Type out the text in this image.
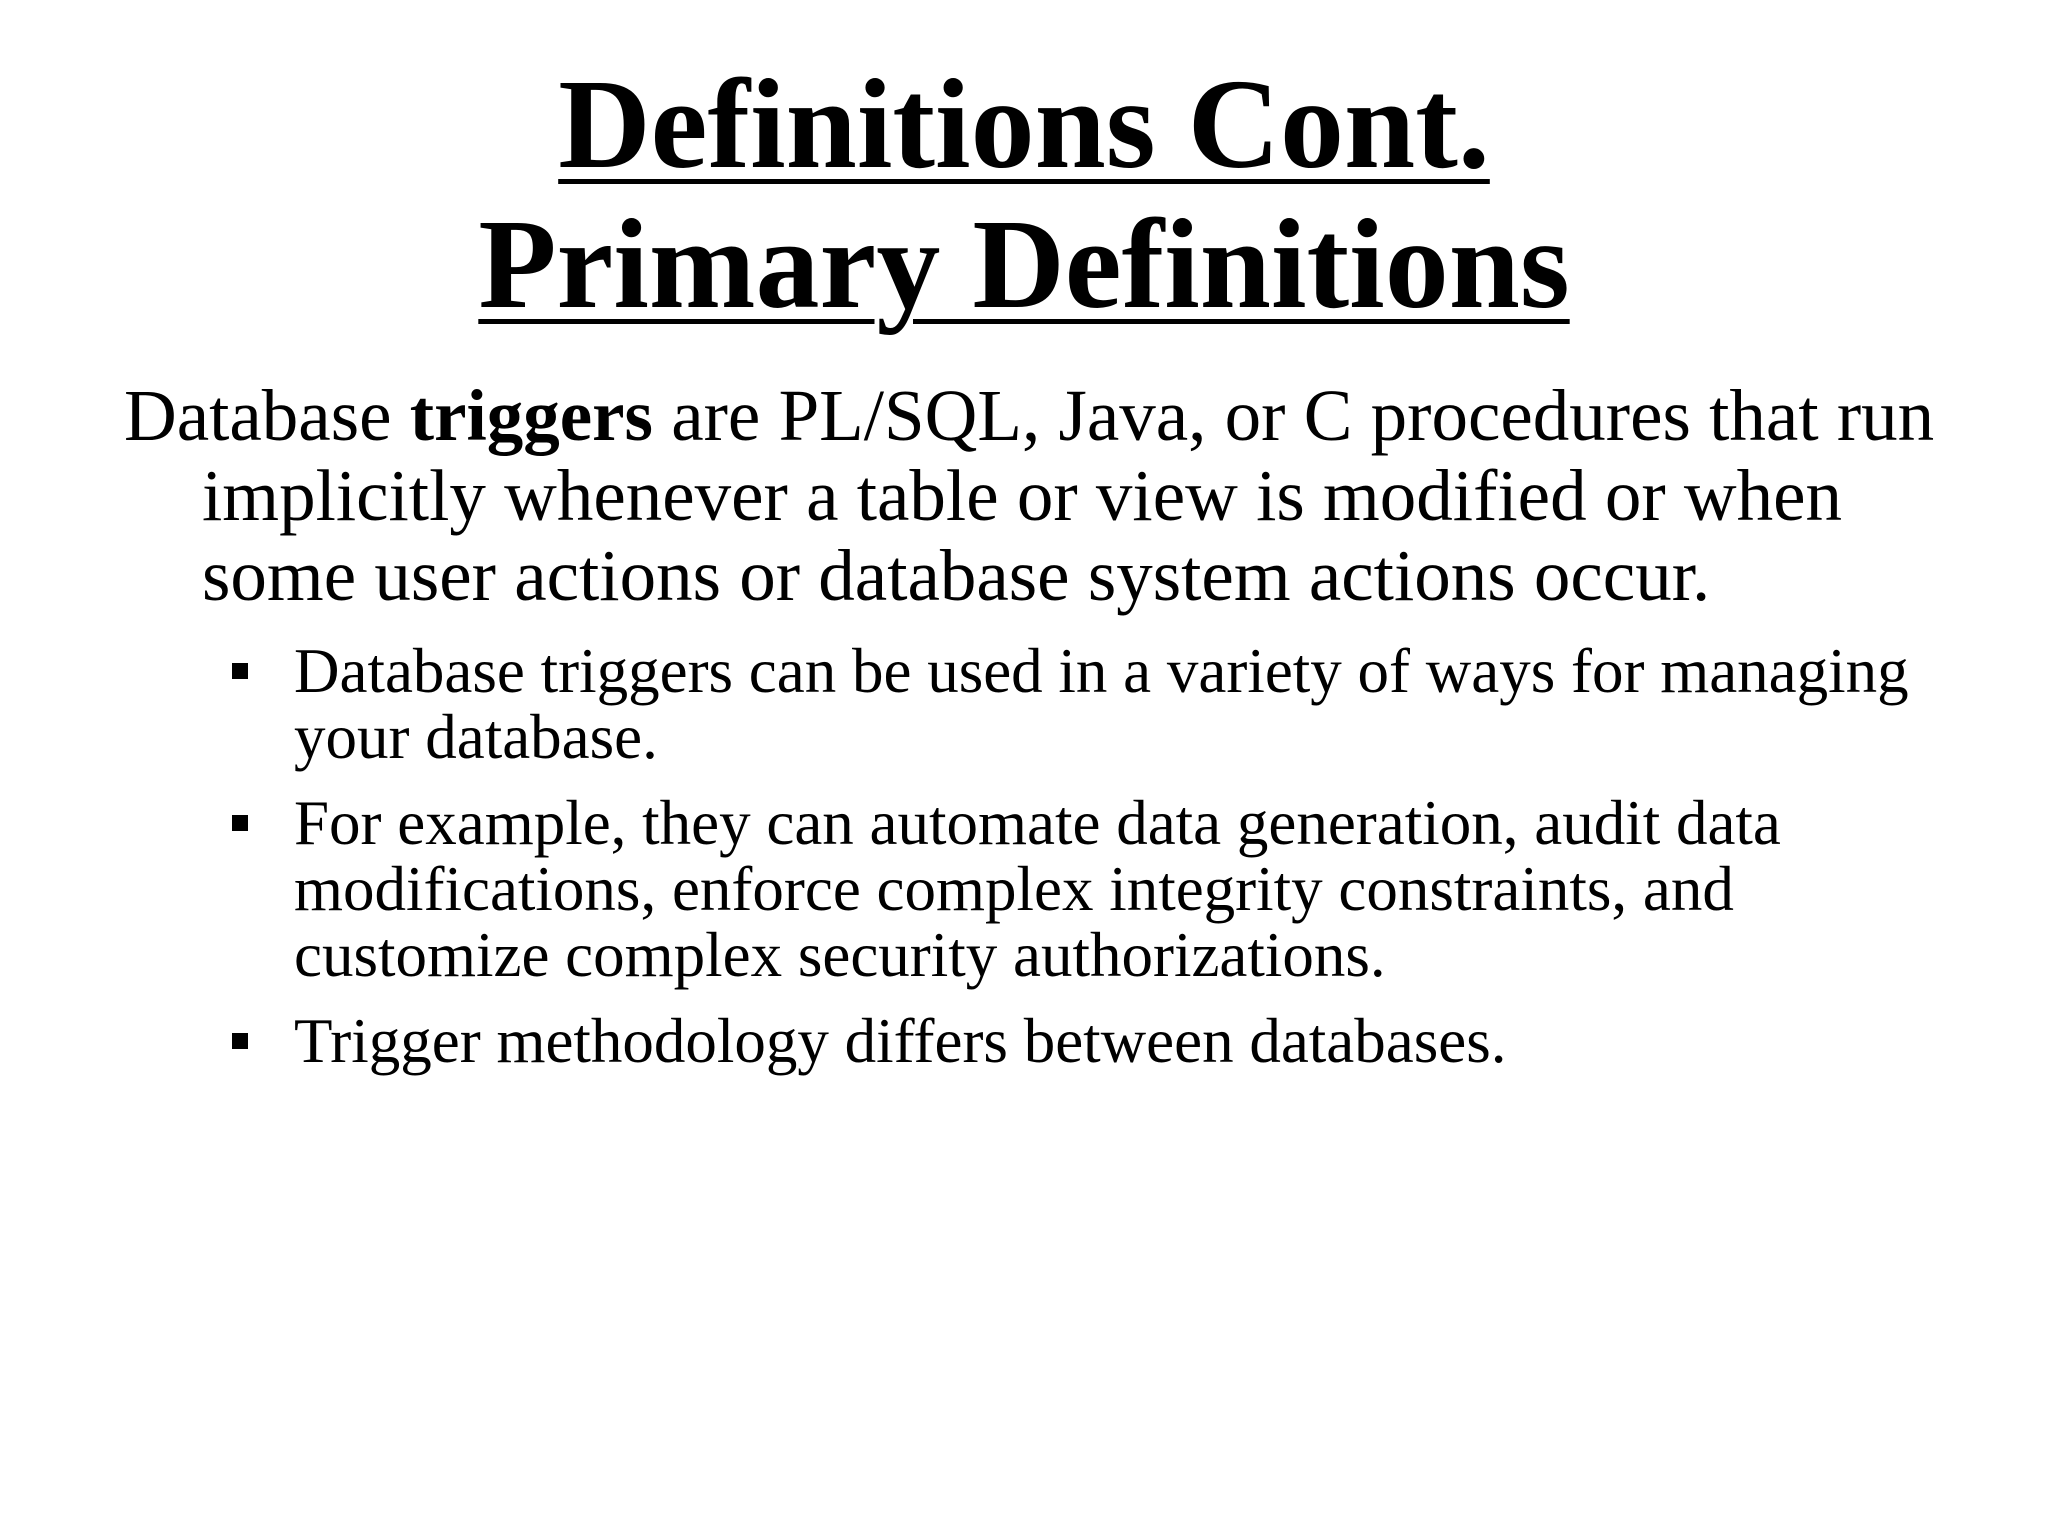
Definitions Cont.
Primary Definitions

Database triggers are PL/SQL, Java, or C procedures that run implicitly whenever a table or view is modified or when some user actions or database system actions occur.

Database triggers can be used in a variety of ways for managing your database.
For example, they can automate data generation, audit data modifications, enforce complex integrity constraints, and customize complex security authorizations.
Trigger methodology differs between databases.
